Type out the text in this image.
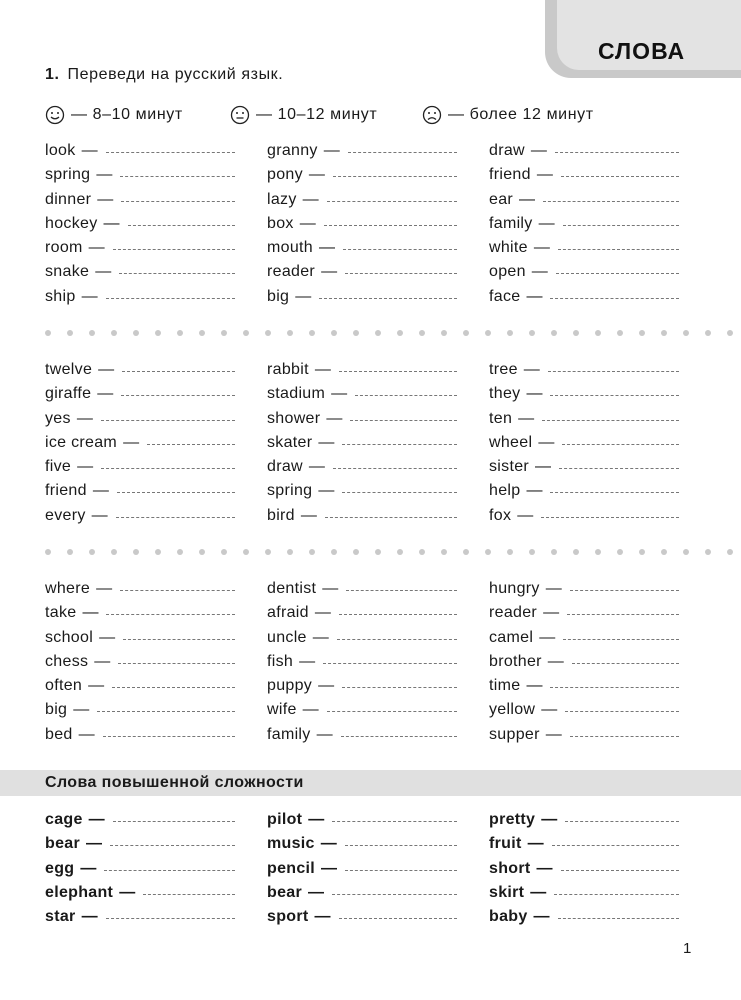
СЛОВА
1. Переведи на русский язык.
— 8–10 минут	— 10–12 минут	— более 12 минут
look —	granny —	draw —
spring —	pony —	friend —
dinner —	lazy —	ear —
hockey —	box —	family —
room —	mouth —	white —
snake —	reader —	open —
ship —	big —	face —
twelve —	rabbit —	tree —
giraffe —	stadium —	they —
yes —	shower —	ten —
ice cream —	skater —	wheel —
five —	draw —	sister —
friend —	spring —	help —
every —	bird —	fox —
where —	dentist —	hungry —
take —	afraid —	reader —
school —	uncle —	camel —
chess —	fish —	brother —
often —	puppy —	time —
big —	wife —	yellow —
bed —	family —	supper —
Слова повышенной сложности
cage —	pilot —	pretty —
bear —	music —	fruit —
egg —	pencil —	short —
elephant —	bear —	skirt —
star —	sport —	baby —
1
